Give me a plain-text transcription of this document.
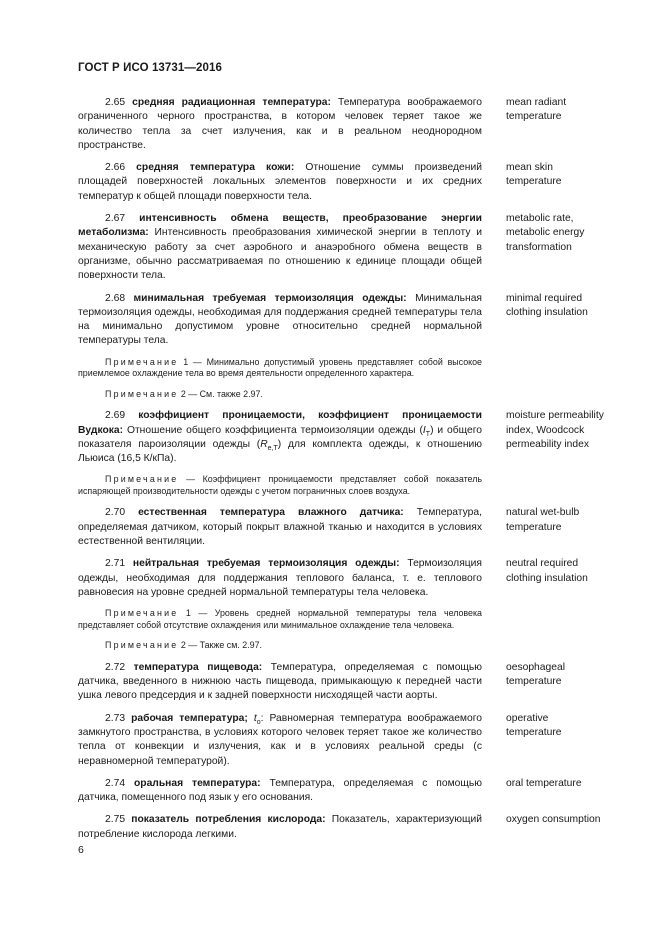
ГОСТ Р ИСО 13731—2016
2.65 средняя радиационная температура: Температура воображаемого ограниченного черного пространства, в котором человек теряет такое же количество тепла за счет излучения, как и в реальном неоднородном пространстве.
mean radiant
temperature
2.66 средняя температура кожи: Отношение суммы произведений площадей поверхностей локальных элементов поверхности и их средних температур к общей площади поверхности тела.
mean skin
temperature
2.67 интенсивность обмена веществ, преобразование энергии метаболизма: Интенсивность преобразования химической энергии в теплоту и механическую работу за счет аэробного и анаэробного обмена веществ в организме, обычно рассматриваемая по отношению к единице площади общей поверхности тела.
metabolic rate,
metabolic energy
transformation
2.68 минимальная требуемая термоизоляция одежды: Минимальная термоизоляция одежды, необходимая для поддержания средней температуры тела на минимально допустимом уровне относительно средней нормальной температуры тела.
minimal required
clothing insulation
Примечание 1 — Минимально допустимый уровень представляет собой высокое приемлемое охлаждение тела во время деятельности определенного характера.
Примечание 2 — См. также 2.97.
2.69 коэффициент проницаемости, коэффициент проницаемости Вудкока: Отношение общего коэффициента термоизоляции одежды $(I_T)$ и общего показателя пароизоляции одежды $(R_{e,T})$ для комплекта одежды, к отношению Льюиса (16,5 К/кПа).
moisture permeability
index, Woodcock
permeability index
Примечание — Коэффициент проницаемости представляет собой показатель испаряющей производительности одежды с учетом пограничных слоев воздуха.
2.70 естественная температура влажного датчика: Температура, определяемая датчиком, который покрыт влажной тканью и находится в условиях естественной вентиляции.
natural wet-bulb
temperature
2.71 нейтральная требуемая термоизоляция одежды: Термоизоляция одежды, необходимая для поддержания теплового баланса, т. е. теплового равновесия на уровне средней нормальной температуры тела человека.
neutral required
clothing insulation
Примечание 1 — Уровень средней нормальной температуры тела человека представляет собой отсутствие охлаждения или минимальное охлаждение тела человека.
Примечание 2 — Также см. 2.97.
2.72 температура пищевода: Температура, определяемая с помощью датчика, введенного в нижнюю часть пищевода, примыкающую к передней части ушка левого предсердия и к задней поверхности нисходящей части аорты.
oesophageal
temperature
2.73 рабочая температура; $t_o$: Равномерная температура воображаемого замкнутого пространства, в условиях которого человек теряет такое же количество тепла от конвекции и излучения, как и в условиях реальной среды (с неравномерной температурой).
operative
temperature
2.74 оральная температура: Температура, определяемая с помощью датчика, помещенного под язык у его основания.
oral temperature
2.75 показатель потребления кислорода: Показатель, характеризующий потребление кислорода легкими.
oxygen consumption
6
